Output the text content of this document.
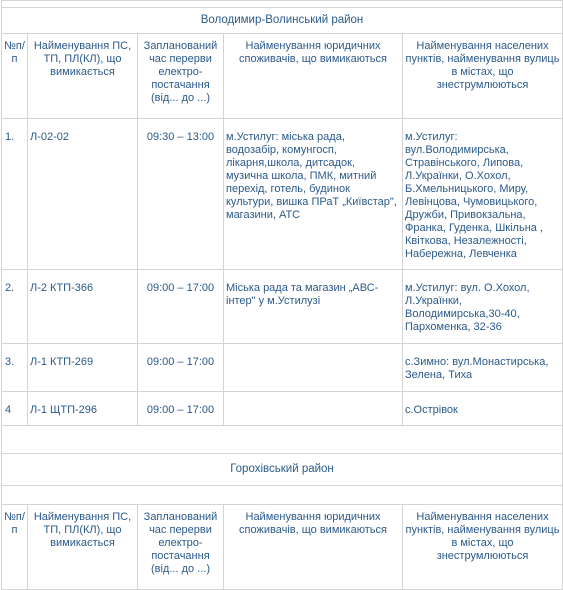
Володимир-Волинський район				
№п/п	Найменування ПС, ТП, ПЛ(КЛ), що вимикається	Запланований час перерви електро-постачання (від... до ...)	Найменування юридичних споживачів, що вимикаються	Найменування населених пунктів, найменування вулиць в містах, що знеструмлюються
1.	Л-02-02	09:30 – 13:00	м.Устилуг: міська рада, водозабір, комунгосп, лікарня,школа, дитсадок, музична школа, ПМК, митний перехід, готель, будинок культури, вишка ПРаТ „Київстар", магазини, АТС	м.Устилуг: вул.Володимирська, Стравінського, Липова, Л.Українки, О.Хохол, Б.Хмельницького, Миру, Левінцова, Чумовицького, Дружби, Привокзальна, Франка, Гуденка, Шкільна , Квіткова, Незалежності, Набережна, Левченка
2.	Л-2 КТП-366	09:00 – 17:00	Міська рада та магазин „АВС-інтер" у м.Устилузі	м.Устилуг: вул. О.Хохол, Л.Українки, Володимирська,30-40, Пархоменка, 32-36
3.	Л-1 КТП-269	09:00 – 17:00		с.Зимно: вул.Монастирська, Зелена, Тиха
4	Л-1 ЩТП-296	09:00 – 17:00		с.Острівок

Горохівський район				

№п/п	Найменування ПС, ТП, ПЛ(КЛ), що вимикається	Запланований час перерви електро-постачання (від... до ...)	Найменування юридичних споживачів, що вимикаються	Найменування населених пунктів, найменування вулиць в містах, що знеструмлюються
